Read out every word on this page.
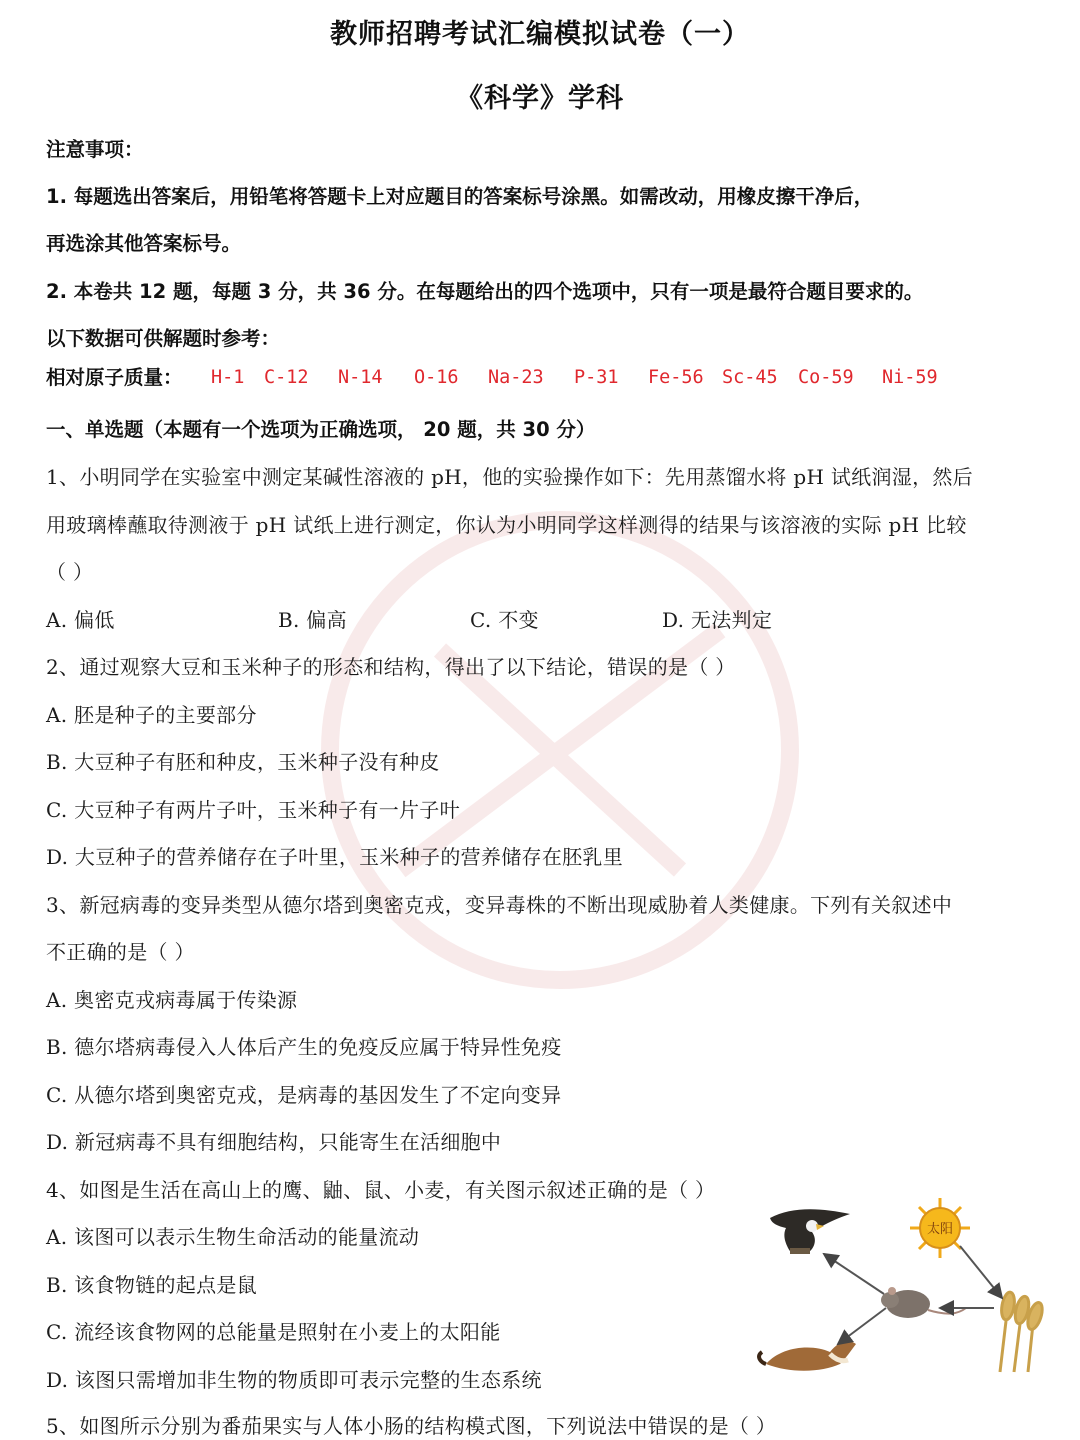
教师招聘考试汇编模拟试卷（一）
《科学》学科
注意事项：
1. 每题选出答案后，用铅笔将答题卡上对应题目的答案标号涂黑。如需改动，用橡皮擦干净后，
再选涂其他答案标号。
2. 本卷共 12 题，每题 3 分，共 36 分。在每题给出的四个选项中，只有一项是最符合题目要求的。
以下数据可供解题时参考：
相对原子质量： H-1 C-12 N-14 O-16 Na-23 P-31 Fe-56 Sc-45 Co-59 Ni-59
一、单选题（本题有一个选项为正确选项， 20 题，共 30 分）
1、小明同学在实验室中测定某碱性溶液的 pH，他的实验操作如下：先用蒸馏水将 pH 试纸润湿，然后
用玻璃棒蘸取待测液于 pH 试纸上进行测定，你认为小明同学这样测得的结果与该溶液的实际 pH 比较
（ ）
A. 偏低	B. 偏高	C. 不变	D. 无法判定
2、通过观察大豆和玉米种子的形态和结构，得出了以下结论，错误的是（ ）
A. 胚是种子的主要部分
B. 大豆种子有胚和种皮，玉米种子没有种皮
C. 大豆种子有两片子叶，玉米种子有一片子叶
D. 大豆种子的营养储存在子叶里，玉米种子的营养储存在胚乳里
3、新冠病毒的变异类型从德尔塔到奥密克戎，变异毒株的不断出现威胁着人类健康。下列有关叙述中
不正确的是（ ）
A. 奥密克戎病毒属于传染源
B. 德尔塔病毒侵入人体后产生的免疫反应属于特异性免疫
C. 从德尔塔到奥密克戎，是病毒的基因发生了不定向变异
D. 新冠病毒不具有细胞结构，只能寄生在活细胞中
4、如图是生活在高山上的鹰、鼬、鼠、小麦，有关图示叙述正确的是（ ）
A. 该图可以表示生物生命活动的能量流动
B. 该食物链的起点是鼠
C. 流经该食物网的总能量是照射在小麦上的太阳能
D. 该图只需增加非生物的物质即可表示完整的生态系统
太阳
5、如图所示分别为番茄果实与人体小肠的结构模式图，下列说法中错误的是（ ）
